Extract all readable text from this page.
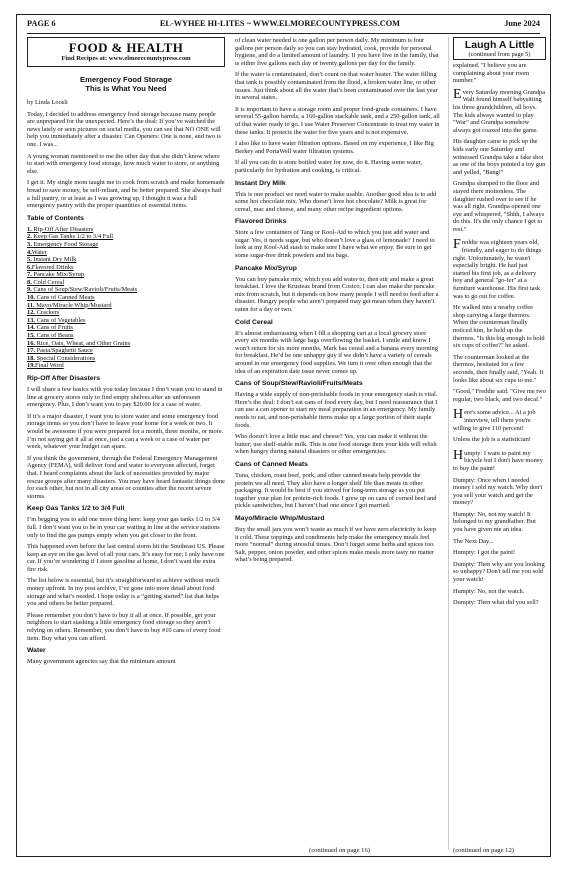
PAGE 6	EL-WYHEE HI-LITES ~ WWW.ELMORECOUNTYPRESS.COM	June 2024
FOOD & HEALTH
Find Recipes at: www.elmorecountypress.com
Emergency Food Storage
This Is What You Need
by Linda Loosli

Today, I decided to address emergency food storage because many people are unprepared for the unexpected. Here’s the deal: If you’ve watched the news lately or seen pictures on social media, you can see that NO ONE will help you immediately after a disaster. Can Openers: One is none, and two is one. I was...

A young woman mentioned to me the other day that she didn’t know where to start with emergency food storage, how much water to store, or anything else.

I get it. My single mom taught me to cook from scratch and make homemade bread to save money, be self-reliant, and be better prepared. She always had a full pantry, or at least as I was growing up, I thought it was a full emergency pantry with the proper quantities of essential items.

Table of Contents
1. Rip-Off After Disasters
2. Keep Gas Tanks 1/2 to 3/4 Full
3. Emergency Food Storage
4.Water
5. Instant Dry Milk
6.Flavored Drinks
7. Pancake Mix/Syrup
8. Cold Cereal
9. Cans of Soup/Stew/Ravioli/Fruits/Meats
10. Cans of Canned Meats
11. Mayo/Miracle Whip/Mustard
12. Crackers
13. Cans of Vegetables
14. Cans of Fruits
15. Cans of Beans
16. Rice, Oats, Wheat, and Other Grains
17. Pasta/Spaghetti Sauce
18. Special Considerations
19.Final Word
Rip-Off After Disasters

I will share a few basics with you today because I don’t want you to stand in line at grocery stores only to find empty shelves after an unforeseen emergency. Plus, I don’t want you to pay $20.00 for a case of water.

If it’s a major disaster, I want you to store water and some emergency food storage items so you don’t have to leave your home for a week or two. It would be awesome if you were prepared for a month, three months, or more. I’m not saying get it all at once, just a can a week or a case of water per week, whatever your budget can spare.

If you think the government, through the Federal Emergency Management Agency (FEMA), will deliver food and water to everyone affected, forget that. I heard complaints about the lack of necessities provided by major rescue groups after many disasters. You may have heard fantastic things done for each other, but not in all city areas or counties after the recent severe storms.

Keep Gas Tanks 1/2 to 3/4 Full

I’m begging you to add one more thing here: keep your gas tanks 1/2 to 3/4 full. I don’t want you to be in your car waiting in line at the service stations only to find the gas pumps empty when you get closer to the front.

This happened even before the last central storm hit the Southeast US. Please keep an eye on the gas level of all your cars. It’s easy for me; I only have one car. If you’re wondering if I store gasoline at home, I don’t want the extra fire risk.

The list below is essential, but it’s straightforward to achieve without much money upfront. In my post archive, I’ve gone into more detail about food storage and what’s needed. I hope today is a “getting started” list that helps you and others be better prepared.

Please remember you don’t have to buy it all at once. If possible, get your neighbors to start stashing a little emergency food storage so they aren’t relying on others. Remember, you don’t have to buy #10 cans of every food item. Buy what you can afford.

Water

Many government agencies say that the minimum amount

of clean water needed is one gallon per person daily. My minimum is four gallons per person daily so you can stay hydrated, cook, provide for personal hygiene, and do a limited amount of laundry. If you have five in the family, that is either five gallons each day or twenty gallons per day for the family.

If the water is contaminated, don’t count on that water heater. The water filling that tank is possibly contaminated from the flood, a broken water line, or other issues. Just think about all the water that’s been contaminated over the last year in several states.

It is important to have a storage room and proper food-grade containers. I have several 55-gallon barrels, a 160-gallon stackable tank, and a 250-gallon tank, all of that water ready to go. I use Water Preserver Concentrate to treat my water in these tanks. It protects the water for five years and is not expensive.

I also like to have water filtration options. Based on my experience, I like Big Berkey and PortaWell water filtration systems.

If all you can do is store bottled water for now, do it. Having some water, particularly for hydration and cooking, is critical.

Instant Dry Milk

This is one product we need water to make usable. Another good idea is to add some hot chocolate mix. Who doesn’t love hot chocolate? Milk is great for cereal, mac and cheese, and many other recipe ingredient options.

Flavored Drinks

Store a few containers of Tang or Kool-Aid to which you just add water and sugar. Yes, it needs sugar, but who doesn’t love a glass of lemonade? I need to look at my Kool-Aid stash to make sure I have what we enjoy. Be sure to get some sugar-free drink powders and tea bags.

Pancake Mix/Syrup

You can buy pancake mix, which you add water to, then stir and make a great breakfast. I love the Krusteaz brand from Costco. I can also make the pancake mix from scratch, but it depends on how many people I will need to feed after a disaster. Hungry people who aren’t prepared may get mean when they haven’t eaten for a day or two.

Cold Cereal

It’s almost embarrassing when I fill a shopping cart at a local grocery store every six months with large bags overflowing the basket. I smile and know I won’t return for six more months. Mark has cereal and a banana every morning for breakfast. He’d be one unhappy guy if we didn’t have a variety of cereals around in our emergency food supplies. We turn it over often enough that the idea of an expiration date issue never comes up.

Cans of Soup/Stew/Ravioli/Fruits/Meats

Having a wide supply of non-perishable foods in your emergency stash is vital. Here’s the deal: I don’t eat cans of food every day, but I need reassurance that I can use a can opener to start my meal preparation in an emergency. My family needs to eat, and non-perishable items make up a large portion of their staple foods.

Who doesn’t love a little mac and cheese? Yes, you can make it without the butter; use shelf-stable milk. This is one food storage item your kids will relish when hungry during natural disasters or other emergencies.

Cans of Canned Meats

Tuna, chicken, roast beef, pork, and other canned meats help provide the protein we all need. They also have a longer shelf life than meats in other packaging. It would be best if you strived for long-term storage as you put together your plan for protein-rich foods. I grew up on cans of corned beef and pickle sandwiches, but I haven’t had one since I got married.

Mayo/Miracle Whip/Mustard

Buy the small jars you won’t waste as much if we have zero electricity to keep it cold. These toppings and condiments help make the emergency meals feel more “normal” during stressful times. Don’t forget some herbs and spices too. Salt, pepper, onion powder, and other spices make meals more tasty no matter what’s being prepared.

(continued on page 16)
Laugh A Little
(continued from page 5)

explained. "I believe you are complaining about your room number."

Every Saturday morning Grandpa Walt found himself babysitting his three grandchildren, all boys. The kids always wanted to play "War" and Grandpa somehow always got coaxed into the game.

His daughter came to pick up the kids early one Saturday and witnessed Grandpa take a fake shot as one of the boys pointed a toy gun and yelled, "Bang!"

Grandpa slumped to the floor and stayed there motionless. The daughter rushed over to see if he was all right. Grandpa opened one eye and whispered, "Shhh, I always do this. It's the only chance I get to rest."

Freddie was eighteen years old, friendly, and eager to do things right. Unfortunately, he wasn't especially bright. He had just started his first job, as a delivery boy and general "go-fer" at a furniture warehouse. His first task was to go out for coffee.

He walked into a nearby coffee shop carrying a large thermos. When the counterman finally noticed him, he held up the thermos. "Is this big enough to hold six cups of coffee?" he asked.

The counterman looked at the thermos, hesitated for a few seconds, then finally said, "Yeah. It looks like about six cups to me."

"Good," Freddie said. "Give me two regular, two black, and two decaf."

Here's some advice... At a job interview, tell them you're willing to give 110 percent!

Unless the job is a statistician!

Humpty: I want to paint my bicycle but I don't have money to buy the paint!

Dumpty: Once when i needed money i sold my watch. Why don't you sell your watch and get the money?

Humpty: No, not my watch! It belonged to my grandfather. But you have given me an idea.

The Next Day...

Humpty: I got the paint!

Dumpty: Then why are you looking so unhappy? Don't tell me you sold your watch!

Humpty: No, not the watch.

Dumpty: Then what did you sell?

(continued on page 12)
